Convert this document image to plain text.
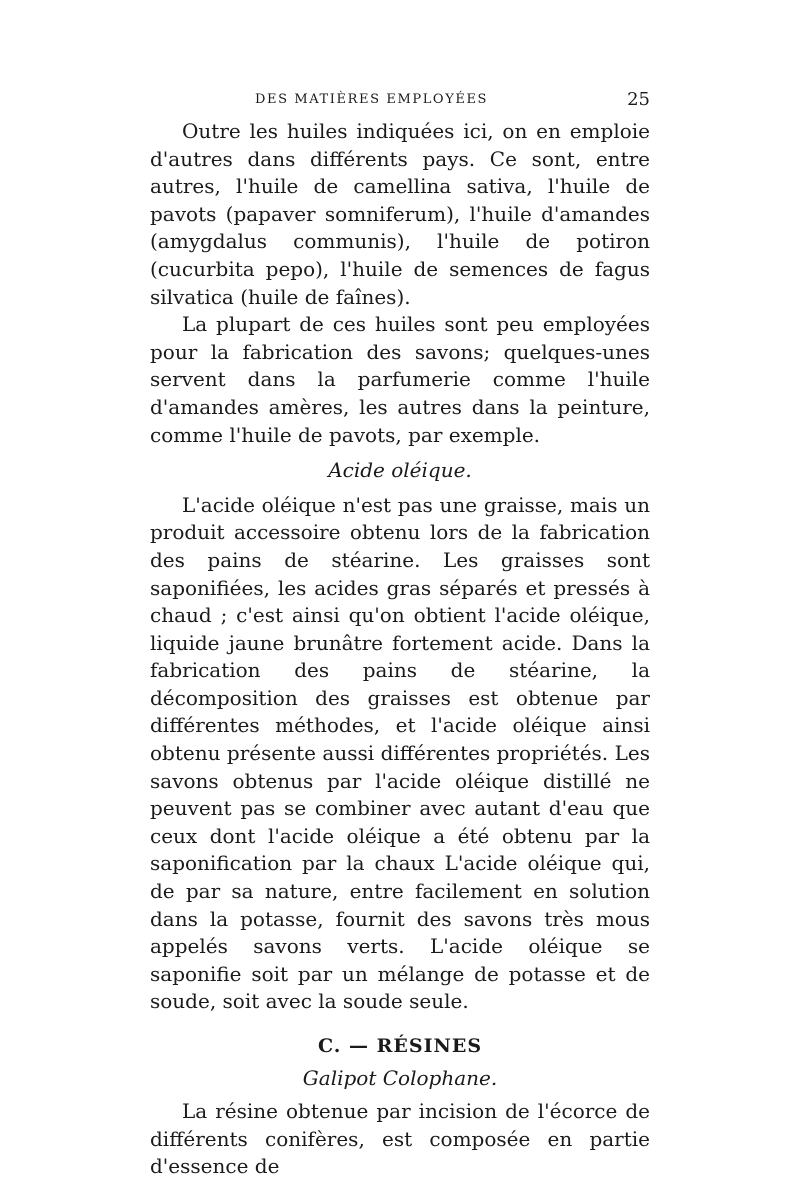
DES MATIÈRES EMPLOYÉES	25

Outre les huiles indiquées ici, on en emploie d'autres dans différents pays. Ce sont, entre autres, l'huile de camellina sativa, l'huile de pavots (papaver somniferum), l'huile d'amandes (amygdalus communis), l'huile de potiron (cucurbita pepo), l'huile de semences de fagus silvatica (huile de faînes).

La plupart de ces huiles sont peu employées pour la fabrication des savons; quelques-unes servent dans la parfumerie comme l'huile d'amandes amères, les autres dans la peinture, comme l'huile de pavots, par exemple.

Acide oléique.

L'acide oléique n'est pas une graisse, mais un produit accessoire obtenu lors de la fabrication des pains de stéarine. Les graisses sont saponifiées, les acides gras séparés et pressés à chaud ; c'est ainsi qu'on obtient l'acide oléique, liquide jaune brunâtre fortement acide. Dans la fabrication des pains de stéarine, la décomposition des graisses est obtenue par différentes méthodes, et l'acide oléique ainsi obtenu présente aussi différentes propriétés. Les savons obtenus par l'acide oléique distillé ne peuvent pas se combiner avec autant d'eau que ceux dont l'acide oléique a été obtenu par la saponification par la chaux L'acide oléique qui, de par sa nature, entre facilement en solution dans la potasse, fournit des savons très mous appelés savons verts. L'acide oléique se saponifie soit par un mélange de potasse et de soude, soit avec la soude seule.

C. — RÉSINES

Galipot Colophane.

La résine obtenue par incision de l'écorce de différents conifères, est composée en partie d'essence de
